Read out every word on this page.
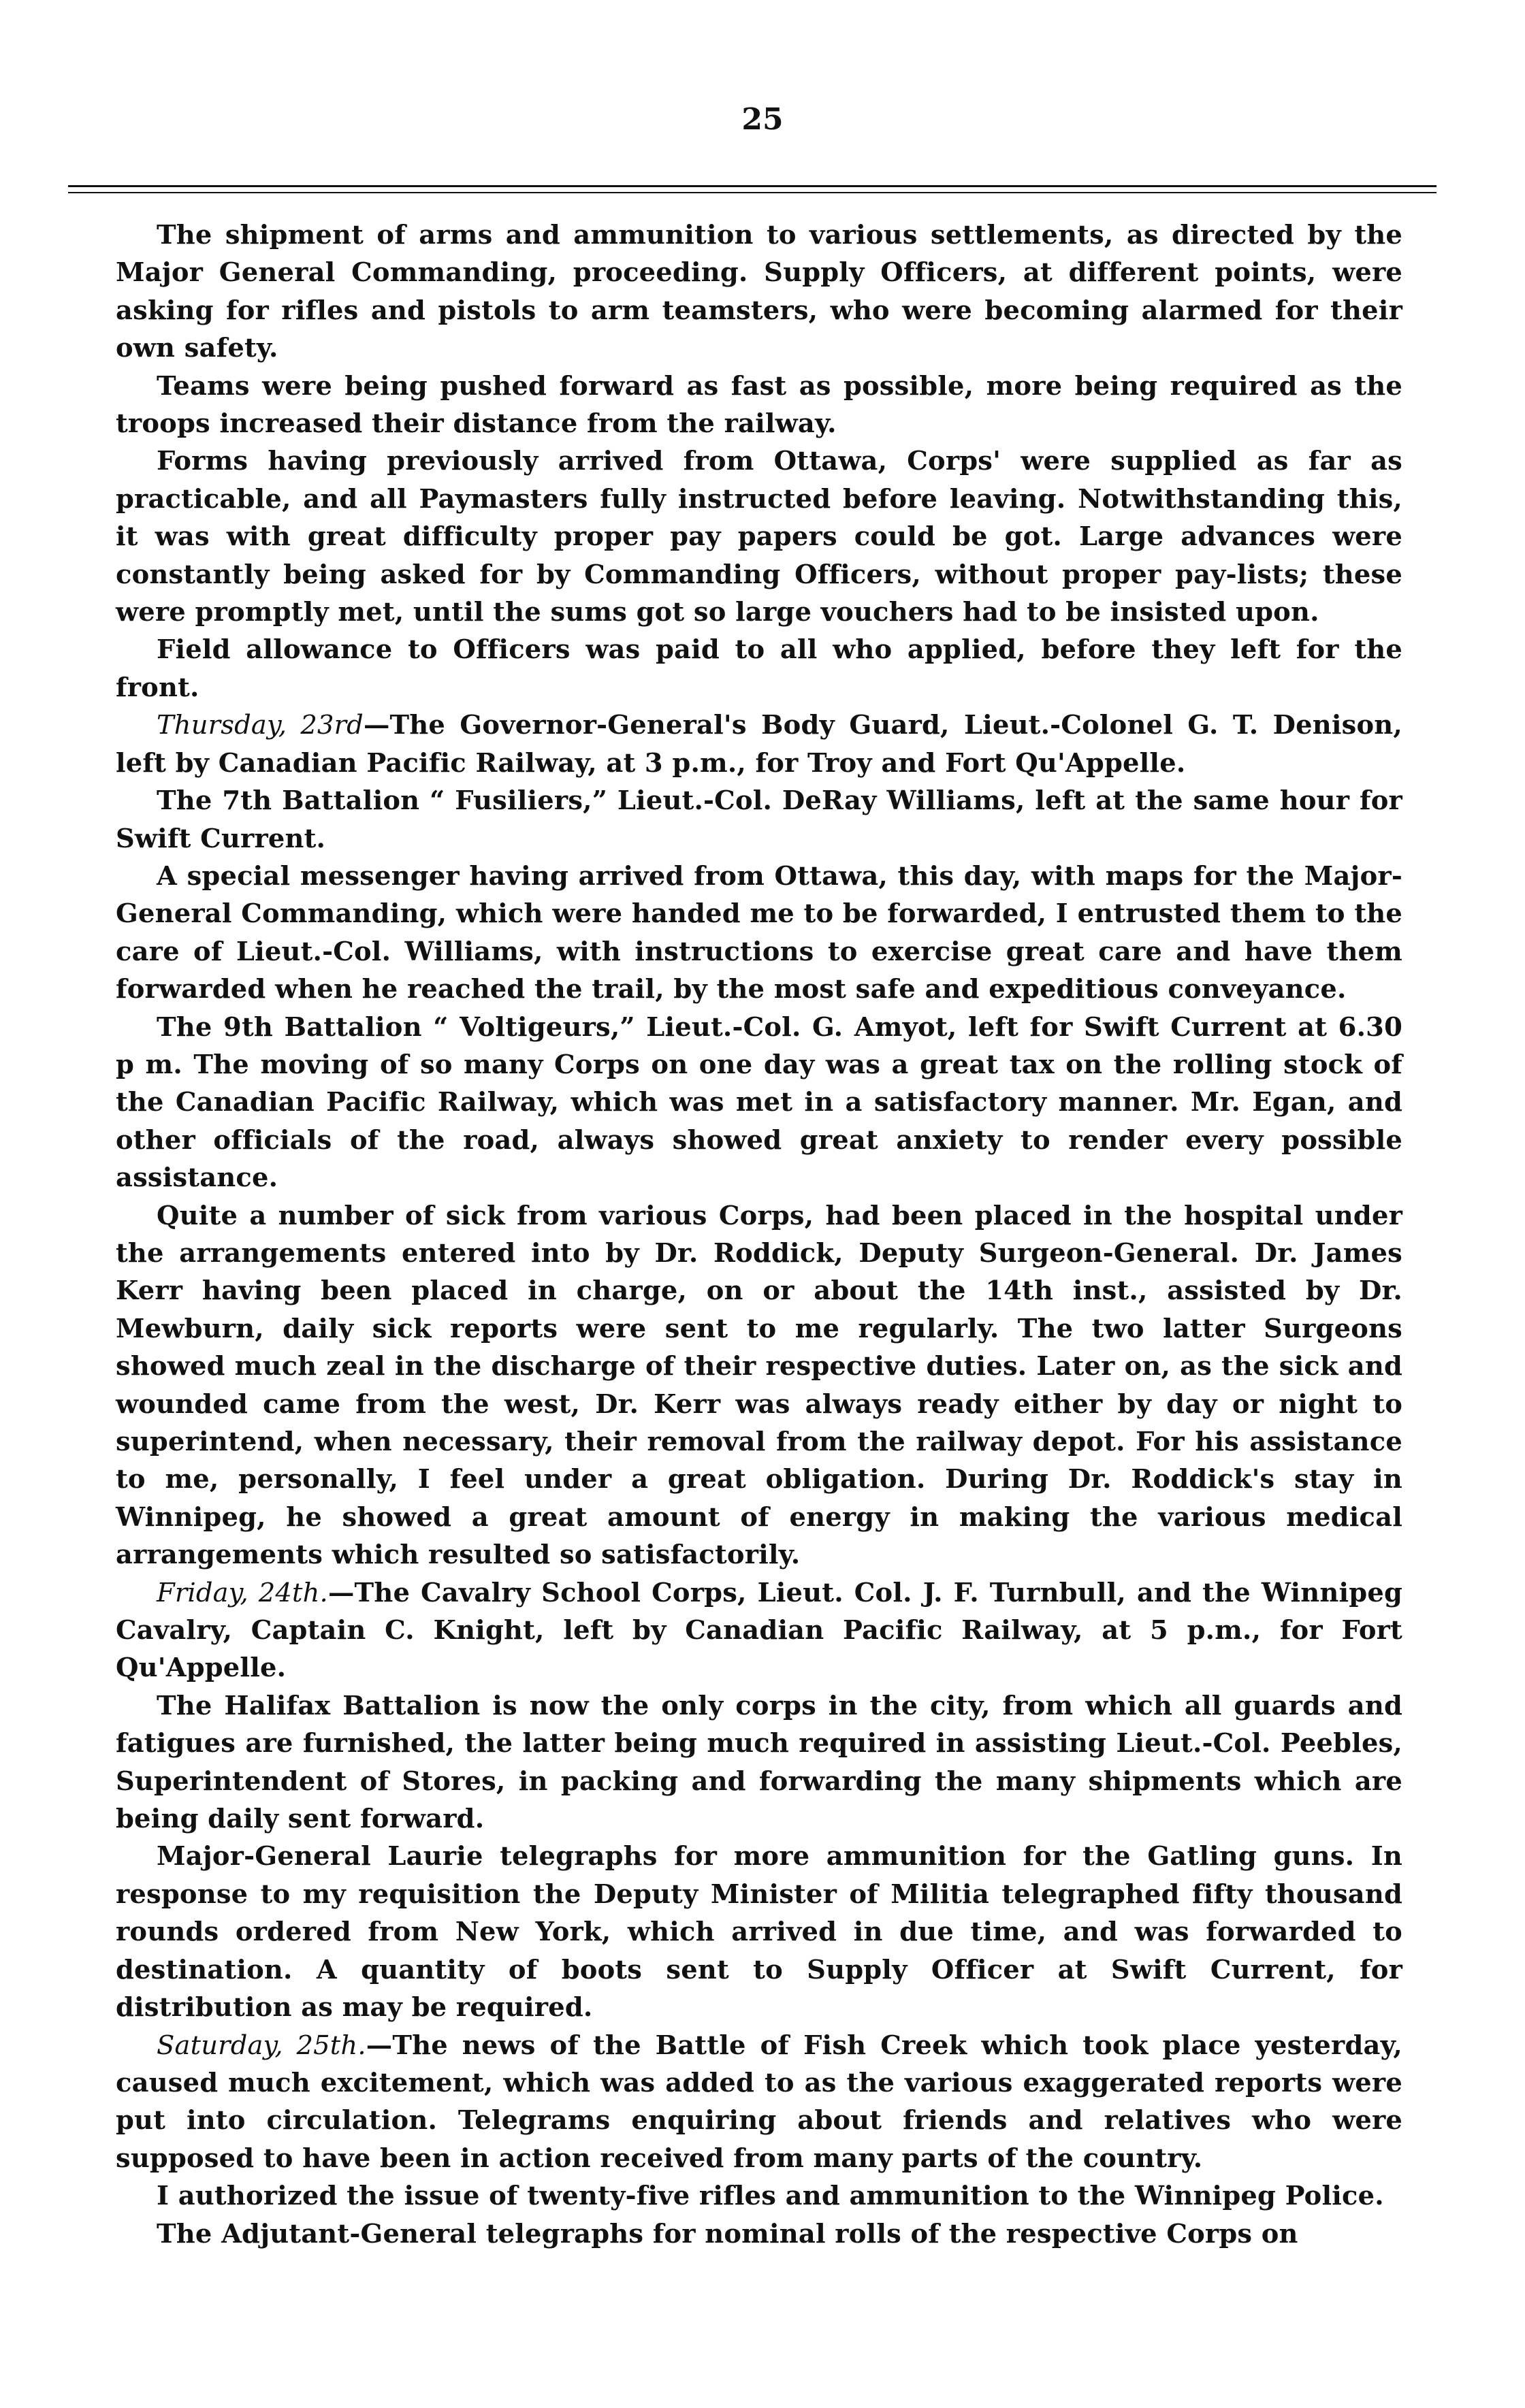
25

The shipment of arms and ammunition to various settlements, as directed by the Major General Commanding, proceeding. Supply Officers, at different points, were asking for rifles and pistols to arm teamsters, who were becoming alarmed for their own safety.

Teams were being pushed forward as fast as possible, more being required as the troops increased their distance from the railway.

Forms having previously arrived from Ottawa, Corps' were supplied as far as practicable, and all Paymasters fully instructed before leaving. Notwithstanding this, it was with great difficulty proper pay papers could be got. Large advances were constantly being asked for by Commanding Officers, without proper pay-lists; these were promptly met, until the sums got so large vouchers had to be insisted upon.

Field allowance to Officers was paid to all who applied, before they left for the front.

Thursday, 23rd—The Governor-General's Body Guard, Lieut.-Colonel G. T. Denison, left by Canadian Pacific Railway, at 3 p.m., for Troy and Fort Qu'Appelle.

The 7th Battalion “ Fusiliers,” Lieut.-Col. DeRay Williams, left at the same hour for Swift Current.

A special messenger having arrived from Ottawa, this day, with maps for the Major-General Commanding, which were handed me to be forwarded, I entrusted them to the care of Lieut.-Col. Williams, with instructions to exercise great care and have them forwarded when he reached the trail, by the most safe and expeditious conveyance.

The 9th Battalion “ Voltigeurs,” Lieut.-Col. G. Amyot, left for Swift Current at 6.30 p m. The moving of so many Corps on one day was a great tax on the rolling stock of the Canadian Pacific Railway, which was met in a satisfactory manner. Mr. Egan, and other officials of the road, always showed great anxiety to render every possible assistance.

Quite a number of sick from various Corps, had been placed in the hospital under the arrangements entered into by Dr. Roddick, Deputy Surgeon-General. Dr. James Kerr having been placed in charge, on or about the 14th inst., assisted by Dr. Mewburn, daily sick reports were sent to me regularly. The two latter Surgeons showed much zeal in the discharge of their respective duties. Later on, as the sick and wounded came from the west, Dr. Kerr was always ready either by day or night to superintend, when necessary, their removal from the railway depot. For his assistance to me, personally, I feel under a great obligation. During Dr. Roddick's stay in Winnipeg, he showed a great amount of energy in making the various medical arrangements which resulted so satisfactorily.

Friday, 24th.—The Cavalry School Corps, Lieut. Col. J. F. Turnbull, and the Winnipeg Cavalry, Captain C. Knight, left by Canadian Pacific Railway, at 5 p.m., for Fort Qu'Appelle.

The Halifax Battalion is now the only corps in the city, from which all guards and fatigues are furnished, the latter being much required in assisting Lieut.-Col. Peebles, Superintendent of Stores, in packing and forwarding the many shipments which are being daily sent forward.

Major-General Laurie telegraphs for more ammunition for the Gatling guns. In response to my requisition the Deputy Minister of Militia telegraphed fifty thousand rounds ordered from New York, which arrived in due time, and was forwarded to destination. A quantity of boots sent to Supply Officer at Swift Current, for distribution as may be required.

Saturday, 25th.—The news of the Battle of Fish Creek which took place yesterday, caused much excitement, which was added to as the various exaggerated reports were put into circulation. Telegrams enquiring about friends and relatives who were supposed to have been in action received from many parts of the country.

I authorized the issue of twenty-five rifles and ammunition to the Winnipeg Police.

The Adjutant-General telegraphs for nominal rolls of the respective Corps on
